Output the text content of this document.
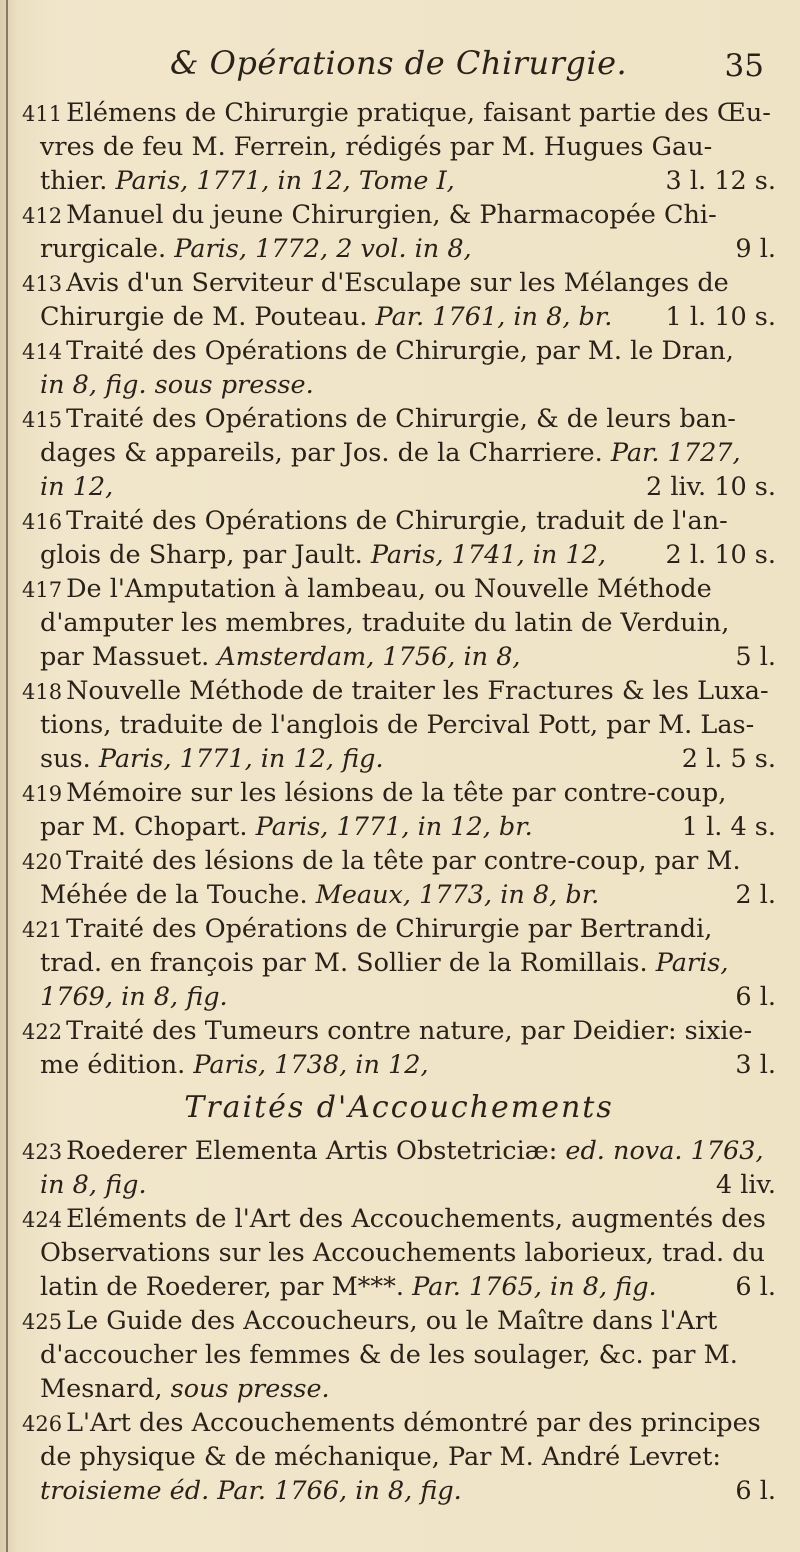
& Opérations de Chirurgie.	35
411 Elémens de Chirurgie pratique, faisant partie des Œu-
vres de feu M. Ferrein, rédigés par M. Hugues Gau-
thier. Paris, 1771, in 12, Tome I,	3 l. 12 s.
412 Manuel du jeune Chirurgien, & Pharmacopée Chi-
rurgicale. Paris, 1772, 2 vol. in 8,	9 l.
413 Avis d'un Serviteur d'Esculape sur les Mélanges de
Chirurgie de M. Pouteau. Par. 1761, in 8, br.	1 l. 10 s.
414 Traité des Opérations de Chirurgie, par M. le Dran,
in 8, fig. sous presse.
415 Traité des Opérations de Chirurgie, & de leurs ban-
dages & appareils, par Jos. de la Charriere. Par. 1727,
in 12,	2 liv. 10 s.
416 Traité des Opérations de Chirurgie, traduit de l'an-
glois de Sharp, par Jault. Paris, 1741, in 12,	2 l. 10 s.
417 De l'Amputation à lambeau, ou Nouvelle Méthode
d'amputer les membres, traduite du latin de Verduin,
par Massuet. Amsterdam, 1756, in 8,	5 l.
418 Nouvelle Méthode de traiter les Fractures & les Luxa-
tions, traduite de l'anglois de Percival Pott, par M. Las-
sus. Paris, 1771, in 12, fig.	2 l. 5 s.
419 Mémoire sur les lésions de la tête par contre-coup,
par M. Chopart. Paris, 1771, in 12, br.	1 l. 4 s.
420 Traité des lésions de la tête par contre-coup, par M.
Méhée de la Touche. Meaux, 1773, in 8, br.	2 l.
421 Traité des Opérations de Chirurgie par Bertrandi,
trad. en françois par M. Sollier de la Romillais. Paris,
1769, in 8, fig.	6 l.
422 Traité des Tumeurs contre nature, par Deidier: sixie-
me édition. Paris, 1738, in 12,	3 l.
Traités d'Accouchements
423 Roederer Elementa Artis Obstetriciæ: ed. nova. 1763,
in 8, fig.	4 liv.
424 Eléments de l'Art des Accouchements, augmentés des
Observations sur les Accouchements laborieux, trad. du
latin de Roederer, par M***. Par. 1765, in 8, fig.	6 l.
425 Le Guide des Accoucheurs, ou le Maître dans l'Art
d'accoucher les femmes & de les soulager, &c. par M.
Mesnard, sous presse.
426 L'Art des Accouchements démontré par des principes
de physique & de méchanique, Par M. André Levret:
troisieme éd. Par. 1766, in 8, fig.	6 l.
